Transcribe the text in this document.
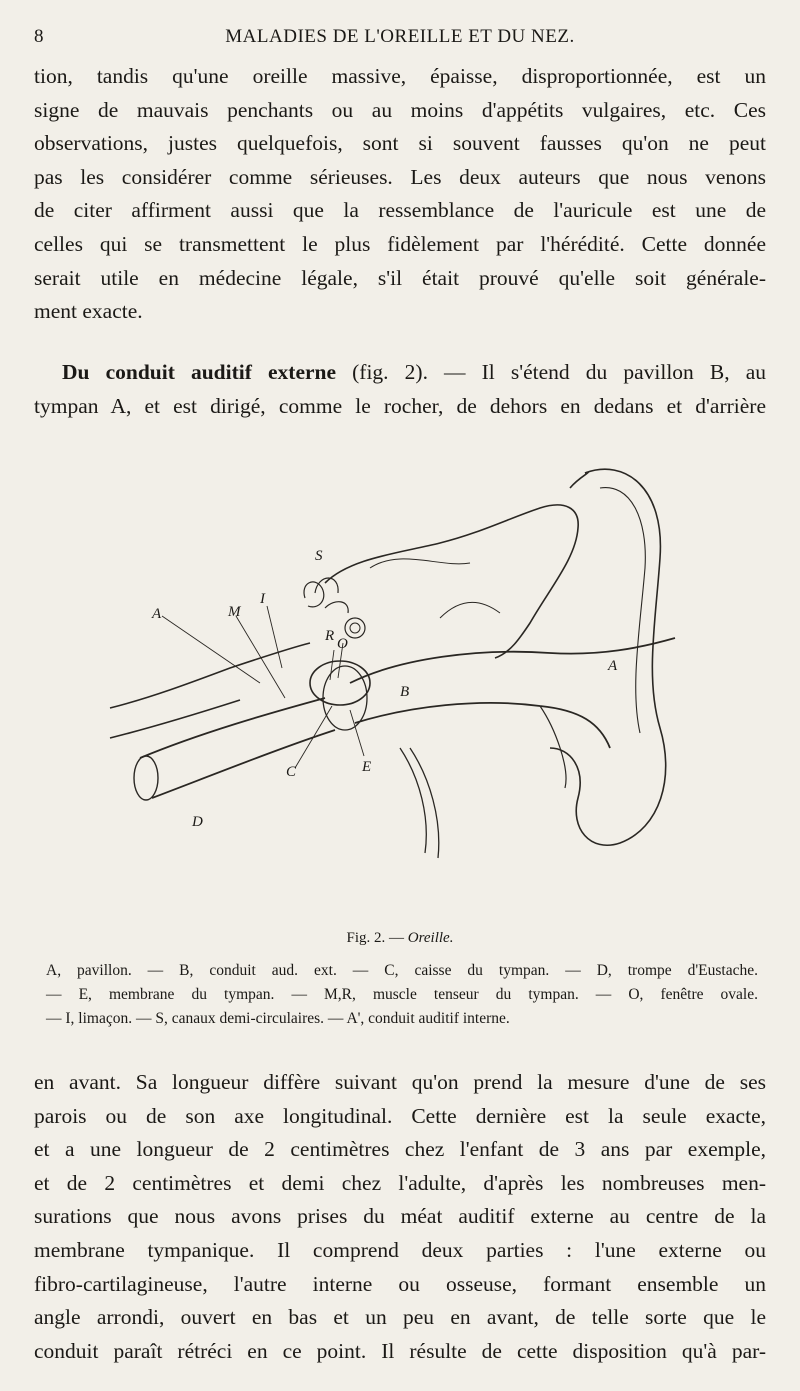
8	MALADIES DE L'OREILLE ET DU NEZ.
tion, tandis qu'une oreille massive, épaisse, disproportionnée, est un
signe de mauvais penchants ou au moins d'appétits vulgaires, etc. Ces
observations, justes quelquefois, sont si souvent fausses qu'on ne peut
pas les considérer comme sérieuses. Les deux auteurs que nous venons
de citer affirment aussi que la ressemblance de l'auricule est une de
celles qui se transmettent le plus fidèlement par l'hérédité. Cette donnée
serait utile en médecine légale, s'il était prouvé qu'elle soit générale-
ment exacte.
Du conduit auditif externe (fig. 2). — Il s'étend du pavillon B, au
tympan A, et est dirigé, comme le rocher, de dehors en dedans et d'arrière
A
A
B
C
D
E
M
R O
I
S
Fig. 2. — Oreille.
A, pavillon. — B, conduit aud. ext. — C, caisse du tympan. — D, trompe d'Eustache.
— E, membrane du tympan. — M,R, muscle tenseur du tympan. — O, fenêtre ovale.
— I, limaçon. — S, canaux demi-circulaires. — A', conduit auditif interne.
en avant. Sa longueur diffère suivant qu'on prend la mesure d'une de ses
parois ou de son axe longitudinal. Cette dernière est la seule exacte,
et a une longueur de 2 centimètres chez l'enfant de 3 ans par exemple,
et de 2 centimètres et demi chez l'adulte, d'après les nombreuses men-
surations que nous avons prises du méat auditif externe au centre de la
membrane tympanique. Il comprend deux parties : l'une externe ou
fibro-cartilagineuse, l'autre interne ou osseuse, formant ensemble un
angle arrondi, ouvert en bas et un peu en avant, de telle sorte que le
conduit paraît rétréci en ce point. Il résulte de cette disposition qu'à par-
